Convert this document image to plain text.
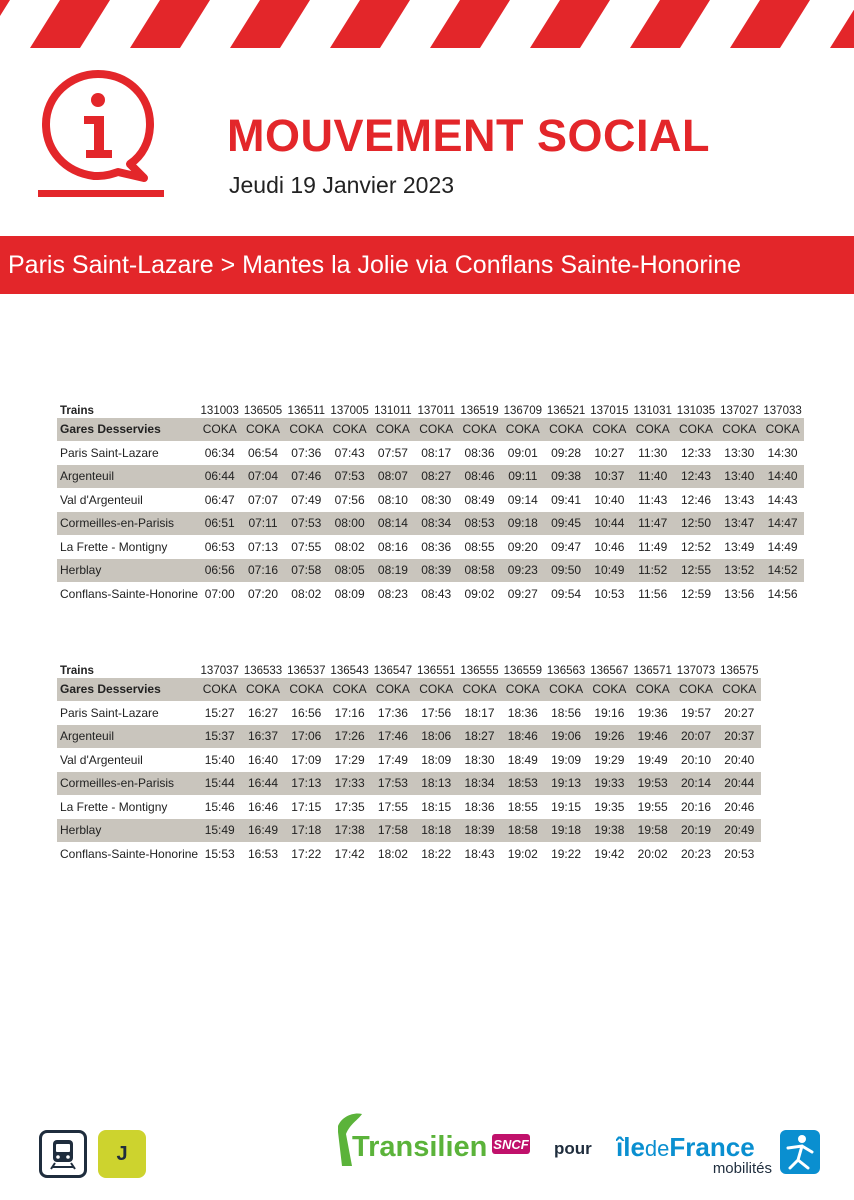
MOUVEMENT SOCIAL
Jeudi 19 Janvier 2023
Paris Saint-Lazare > Mantes la Jolie via Conflans Sainte-Honorine
Trains	131003	136505	136511	137005	131011	137011	136519	136709	136521	137015	131031	131035	137027	137033
Gares Desservies	COKA	COKA	COKA	COKA	COKA	COKA	COKA	COKA	COKA	COKA	COKA	COKA	COKA	COKA
Paris Saint-Lazare	06:34	06:54	07:36	07:43	07:57	08:17	08:36	09:01	09:28	10:27	11:30	12:33	13:30	14:30
Argenteuil	06:44	07:04	07:46	07:53	08:07	08:27	08:46	09:11	09:38	10:37	11:40	12:43	13:40	14:40
Val d'Argenteuil	06:47	07:07	07:49	07:56	08:10	08:30	08:49	09:14	09:41	10:40	11:43	12:46	13:43	14:43
Cormeilles-en-Parisis	06:51	07:11	07:53	08:00	08:14	08:34	08:53	09:18	09:45	10:44	11:47	12:50	13:47	14:47
La Frette - Montigny	06:53	07:13	07:55	08:02	08:16	08:36	08:55	09:20	09:47	10:46	11:49	12:52	13:49	14:49
Herblay	06:56	07:16	07:58	08:05	08:19	08:39	08:58	09:23	09:50	10:49	11:52	12:55	13:52	14:52
Conflans-Sainte-Honorine	07:00	07:20	08:02	08:09	08:23	08:43	09:02	09:27	09:54	10:53	11:56	12:59	13:56	14:56
Trains	137037	136533	136537	136543	136547	136551	136555	136559	136563	136567	136571	137073	136575
Gares Desservies	COKA	COKA	COKA	COKA	COKA	COKA	COKA	COKA	COKA	COKA	COKA	COKA	COKA
Paris Saint-Lazare	15:27	16:27	16:56	17:16	17:36	17:56	18:17	18:36	18:56	19:16	19:36	19:57	20:27
Argenteuil	15:37	16:37	17:06	17:26	17:46	18:06	18:27	18:46	19:06	19:26	19:46	20:07	20:37
Val d'Argenteuil	15:40	16:40	17:09	17:29	17:49	18:09	18:30	18:49	19:09	19:29	19:49	20:10	20:40
Cormeilles-en-Parisis	15:44	16:44	17:13	17:33	17:53	18:13	18:34	18:53	19:13	19:33	19:53	20:14	20:44
La Frette - Montigny	15:46	16:46	17:15	17:35	17:55	18:15	18:36	18:55	19:15	19:35	19:55	20:16	20:46
Herblay	15:49	16:49	17:18	17:38	17:58	18:18	18:39	18:58	19:18	19:38	19:58	20:19	20:49
Conflans-Sainte-Honorine	15:53	16:53	17:22	17:42	18:02	18:22	18:43	19:02	19:22	19:42	20:02	20:23	20:53
J	Transilien SNCF pour îledeFrance
mobilités
